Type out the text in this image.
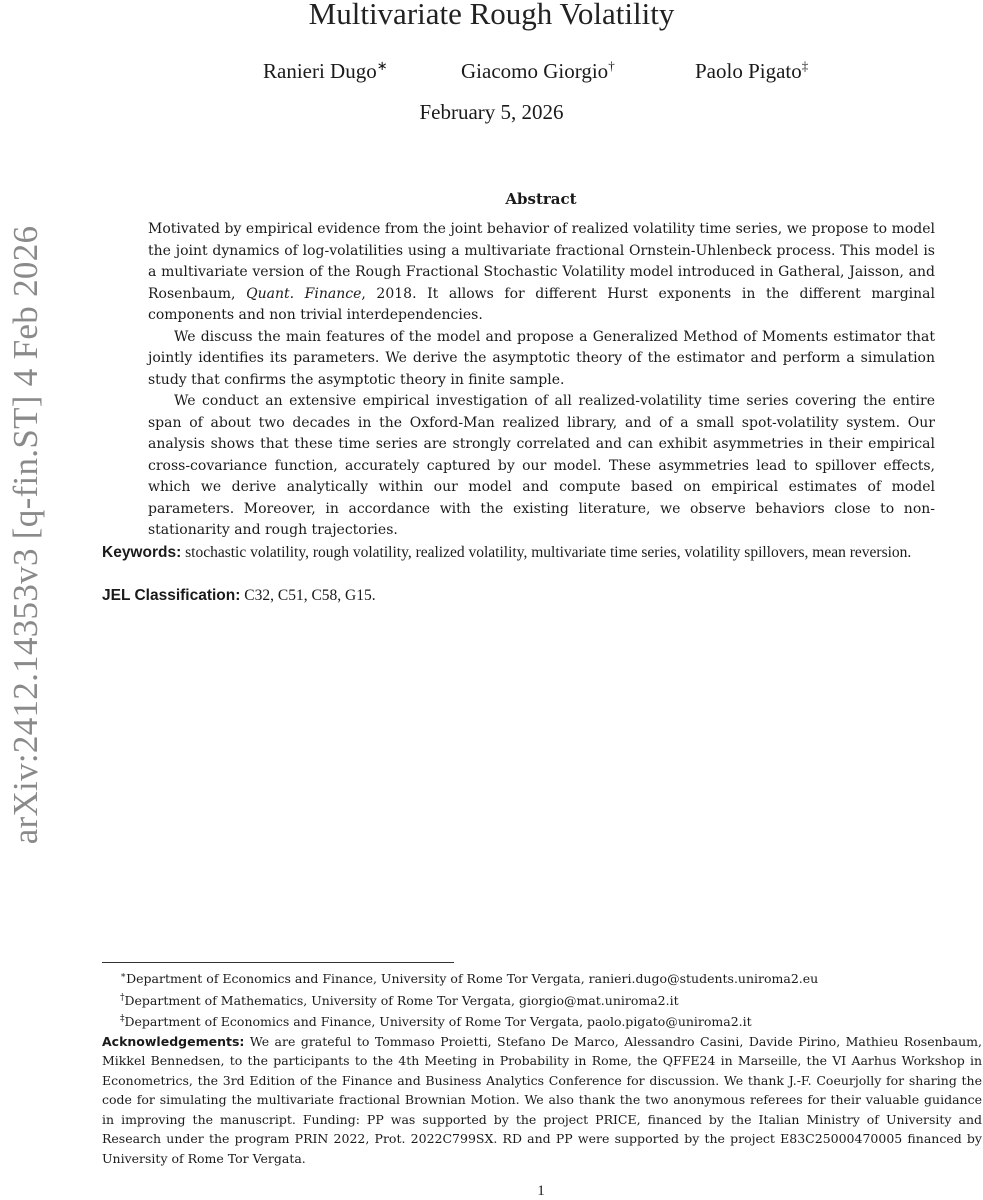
arXiv:2412.14353v3 [q-fin.ST] 4 Feb 2026
Multivariate Rough Volatility
Ranieri Dugo∗	Giacomo Giorgio†	Paolo Pigato‡
February 5, 2026
Abstract

Motivated by empirical evidence from the joint behavior of realized volatility time series, we propose to model the joint dynamics of log-volatilities using a multivariate fractional Ornstein-Uhlenbeck process. This model is a multivariate version of the Rough Fractional Stochastic Volatility model introduced in Gatheral, Jaisson, and Rosenbaum, Quant. Finance, 2018. It allows for different Hurst exponents in the different marginal components and non trivial interdependencies.

We discuss the main features of the model and propose a Generalized Method of Moments estimator that jointly identifies its parameters. We derive the asymptotic theory of the estimator and perform a simulation study that confirms the asymptotic theory in finite sample.

We conduct an extensive empirical investigation of all realized-volatility time series covering the entire span of about two decades in the Oxford-Man realized library, and of a small spot-volatility system. Our analysis shows that these time series are strongly correlated and can exhibit asymmetries in their empirical cross-covariance function, accurately captured by our model. These asymmetries lead to spillover effects, which we derive analytically within our model and compute based on empirical estimates of model parameters. Moreover, in accordance with the existing literature, we observe behaviors close to non-stationarity and rough trajectories.

Keywords: stochastic volatility, rough volatility, realized volatility, multivariate time series, volatility spillovers, mean reversion.
JEL Classification: C32, C51, C58, G15.
∗Department of Economics and Finance, University of Rome Tor Vergata, ranieri.dugo@students.uniroma2.eu
†Department of Mathematics, University of Rome Tor Vergata, giorgio@mat.uniroma2.it
‡Department of Economics and Finance, University of Rome Tor Vergata, paolo.pigato@uniroma2.it
Acknowledgements: We are grateful to Tommaso Proietti, Stefano De Marco, Alessandro Casini, Davide Pirino, Mathieu Rosenbaum, Mikkel Bennedsen, to the participants to the 4th Meeting in Probability in Rome, the QFFE24 in Marseille, the VI Aarhus Workshop in Econometrics, the 3rd Edition of the Finance and Business Analytics Conference for discussion. We thank J.-F. Coeurjolly for sharing the code for simulating the multivariate fractional Brownian Motion. We also thank the two anonymous referees for their valuable guidance in improving the manuscript. Funding: PP was supported by the project PRICE, financed by the Italian Ministry of University and Research under the program PRIN 2022, Prot. 2022C799SX. RD and PP were supported by the project E83C25000470005 financed by University of Rome Tor Vergata.
1
